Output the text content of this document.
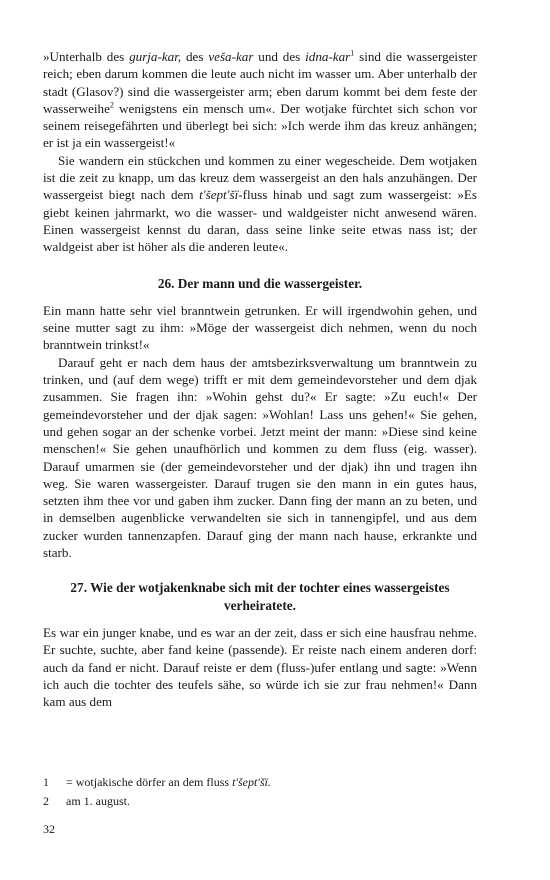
»Unterhalb des gurja-kar, des veša-kar und des idna-kar$^1$ sind die wassergeister reich; eben darum kommen die leute auch nicht im wasser um. Aber unterhalb der stadt (Glasov?) sind die wassergeister arm; eben darum kommt bei dem feste der wasserweihe$^2$ wenigstens ein mensch um«. Der wotjake fürchtet sich schon vor seinem reisegefährten und überlegt bei sich: »Ich werde ihm das kreuz anhängen; er ist ja ein wassergeist!«

Sie wandern ein stückchen und kommen zu einer wegescheide. Dem wotjaken ist die zeit zu knapp, um das kreuz dem wassergeist an den hals anzuhängen. Der wassergeist biegt nach dem t'šept'šï-fluss hinab und sagt zum wassergeist: »Es giebt keinen jahrmarkt, wo die wasser- und waldgeister nicht anwesend wären. Einen wassergeist kennst du daran, dass seine linke seite etwas nass ist; der waldgeist aber ist höher als die anderen leute«.

26. Der mann und die wassergeister.

Ein mann hatte sehr viel branntwein getrunken. Er will irgendwohin gehen, und seine mutter sagt zu ihm: »Möge der wassergeist dich nehmen, wenn du noch branntwein trinkst!«

Darauf geht er nach dem haus der amtsbezirksverwaltung um branntwein zu trinken, und (auf dem wege) trifft er mit dem gemeindevorsteher und dem djak zusammen. Sie fragen ihn: »Wohin gehst du?« Er sagte: »Zu euch!« Der gemeindevorsteher und der djak sagen: »Wohlan! Lass uns gehen!« Sie gehen, und gehen sogar an der schenke vorbei. Jetzt meint der mann: »Diese sind keine menschen!« Sie gehen unaufhörlich und kommen zu dem fluss (eig. wasser). Darauf umarmen sie (der gemeindevorsteher und der djak) ihn und tragen ihn weg. Sie waren wassergeister. Darauf trugen sie den mann in ein gutes haus, setzten ihm thee vor und gaben ihm zucker. Dann fing der mann an zu beten, und in demselben augenblicke verwandelten sie sich in tannengipfel, und aus dem zucker wurden tannenzapfen. Darauf ging der mann nach hause, erkrankte und starb.

27. Wie der wotjakenknabe sich mit der tochter eines wassergeistes verheiratete.

Es war ein junger knabe, und es war an der zeit, dass er sich eine hausfrau nehme. Er suchte, suchte, aber fand keine (passende). Er reiste nach einem anderen dorf: auch da fand er nicht. Darauf reiste er dem (fluss-)ufer entlang und sagte: »Wenn ich auch die tochter des teufels sähe, so würde ich sie zur frau nehmen!« Dann kam aus dem

1	= wotjakische dörfer an dem fluss t'šept'šï.
2	am 1. august.
32
